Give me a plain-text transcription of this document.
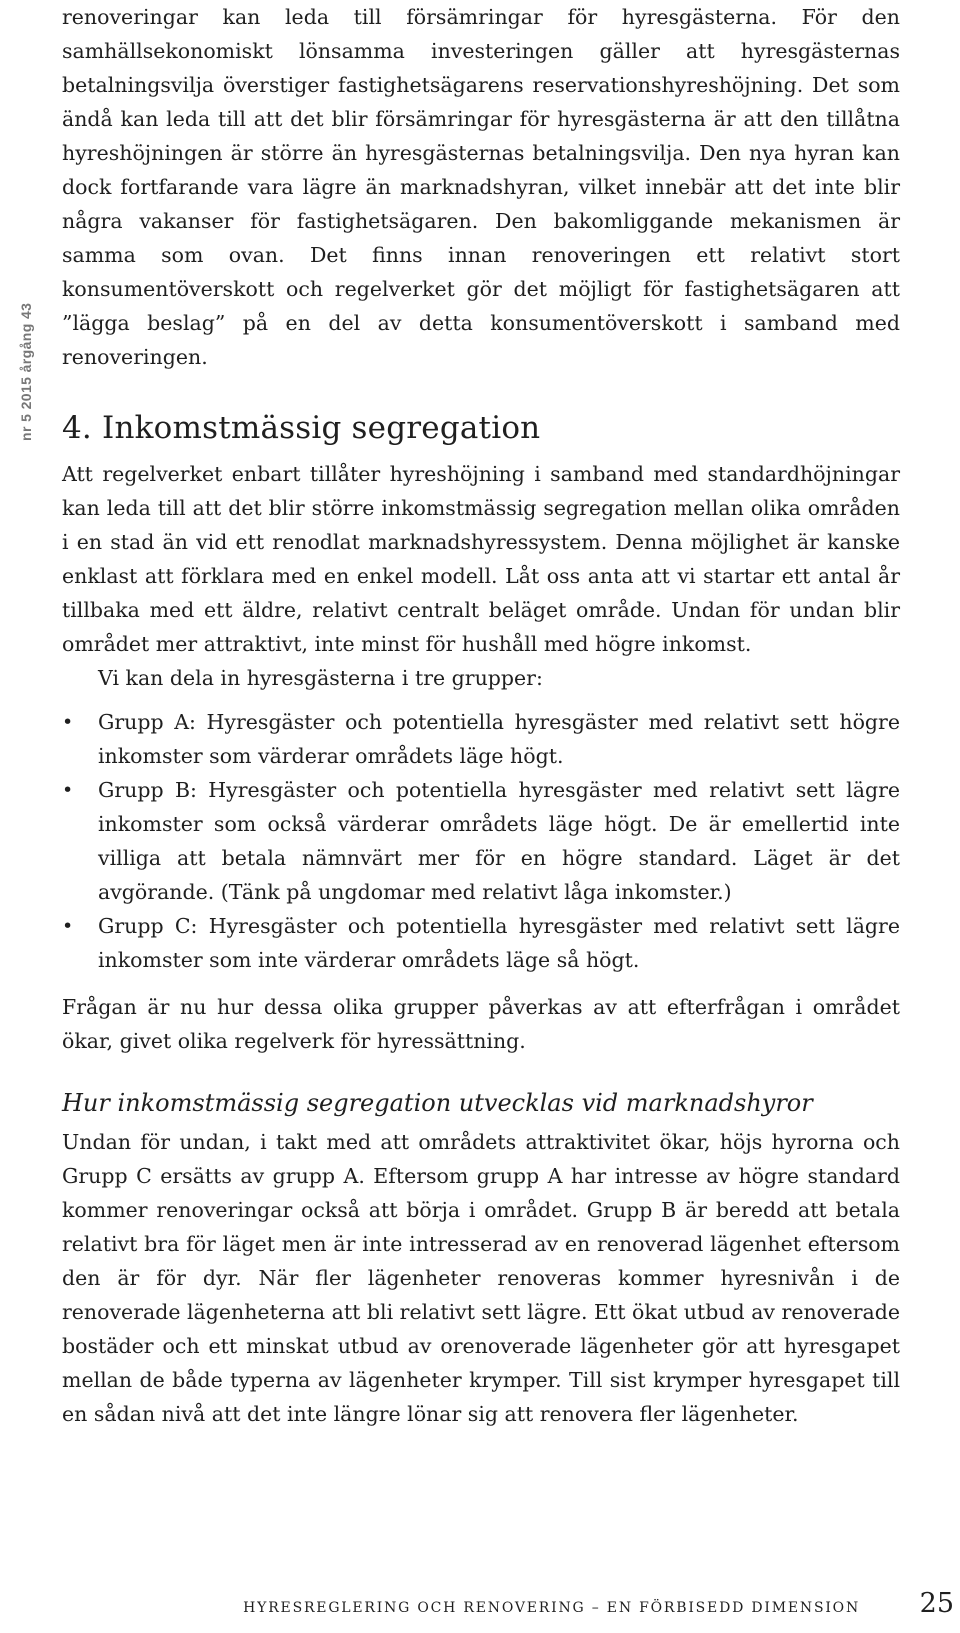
nr 5 2015 årgång 43

renoveringar kan leda till försämringar för hyresgästerna. För den samhällsekonomiskt lönsamma investeringen gäller att hyresgästernas betalningsvilja överstiger fastighetsägarens reservationshyreshöjning. Det som ändå kan leda till att det blir försämringar för hyresgästerna är att den tillåtna hyreshöjningen är större än hyresgästernas betalningsvilja. Den nya hyran kan dock fortfarande vara lägre än marknadshyran, vilket innebär att det inte blir några vakanser för fastighetsägaren. Den bakomliggande mekanismen är samma som ovan. Det finns innan renoveringen ett relativt stort konsumentöverskott och regelverket gör det möjligt för fastighetsägaren att ”lägga beslag” på en del av detta konsumentöverskott i samband med renoveringen.

4. Inkomstmässig segregation

Att regelverket enbart tillåter hyreshöjning i samband med standardhöjningar kan leda till att det blir större inkomstmässig segregation mellan olika områden i en stad än vid ett renodlat marknadshyressystem. Denna möjlighet är kanske enklast att förklara med en enkel modell. Låt oss anta att vi startar ett antal år tillbaka med ett äldre, relativt centralt beläget område. Undan för undan blir området mer attraktivt, inte minst för hushåll med högre inkomst.

Vi kan dela in hyresgästerna i tre grupper:

•	Grupp A: Hyresgäster och potentiella hyresgäster med relativt sett högre inkomster som värderar områdets läge högt.
•	Grupp B: Hyresgäster och potentiella hyresgäster med relativt sett lägre inkomster som också värderar områdets läge högt. De är emellertid inte villiga att betala nämnvärt mer för en högre standard. Läget är det avgörande. (Tänk på ungdomar med relativt låga inkomster.)
•	Grupp C: Hyresgäster och potentiella hyresgäster med relativt sett lägre inkomster som inte värderar områdets läge så högt.

Frågan är nu hur dessa olika grupper påverkas av att efterfrågan i området ökar, givet olika regelverk för hyressättning.

Hur inkomstmässig segregation utvecklas vid marknadshyror

Undan för undan, i takt med att områdets attraktivitet ökar, höjs hyrorna och Grupp C ersätts av grupp A. Eftersom grupp A har intresse av högre standard kommer renoveringar också att börja i området. Grupp B är beredd att betala relativt bra för läget men är inte intresserad av en renoverad lägenhet eftersom den är för dyr. När fler lägenheter renoveras kommer hyresnivån i de renoverade lägenheterna att bli relativt sett lägre. Ett ökat utbud av renoverade bostäder och ett minskat utbud av orenoverade lägenheter gör att hyresgapet mellan de både typerna av lägenheter krymper. Till sist krymper hyresgapet till en sådan nivå att det inte längre lönar sig att renovera fler lägenheter.

HYRESREGLERING OCH RENOVERING – EN FÖRBISEDD DIMENSION	25
